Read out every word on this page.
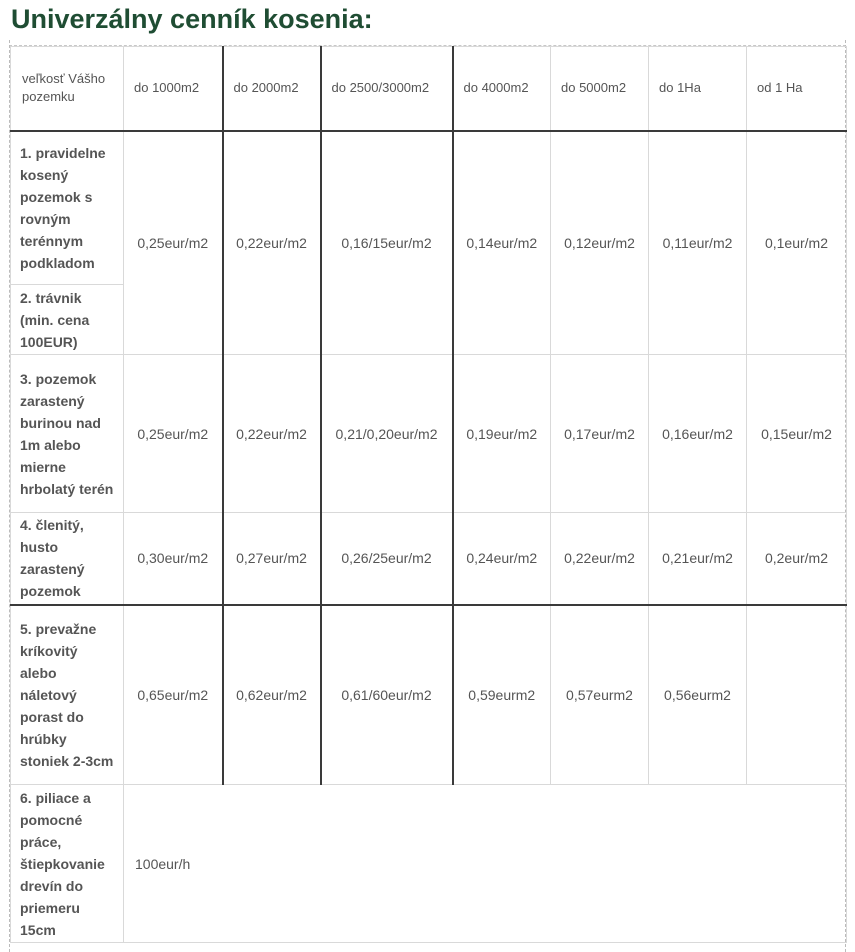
Univerzálny cenník kosenia:
veľkosť Vášho pozemku	do 1000m2	do 2000m2	do 2500/3000m2	do 4000m2	do 5000m2	do 1Ha	od 1 Ha
1. pravidelne kosený pozemok s rovným terénnym podkladom	0,25eur/m2	0,22eur/m2	0,16/15eur/m2	0,14eur/m2	0,12eur/m2	0,11eur/m2	0,1eur/m2
2. trávnik (min. cena 100EUR)							
3. pozemok zarastený burinou nad 1m alebo mierne hrbolatý terén	0,25eur/m2	0,22eur/m2	0,21/0,20eur/m2	0,19eur/m2	0,17eur/m2	0,16eur/m2	0,15eur/m2
4. členitý, husto zarastený pozemok	0,30eur/m2	0,27eur/m2	0,26/25eur/m2	0,24eur/m2	0,22eur/m2	0,21eur/m2	0,2eur/m2
5. prevažne kríkovitý alebo náletový porast do hrúbky stoniek 2-3cm	0,65eur/m2	0,62eur/m2	0,61/60eur/m2	0,59eurm2	0,57eurm2	0,56eurm2	
6. piliace a pomocné práce, štiepkovanie drevín do priemeru 15cm	100eur/h						
